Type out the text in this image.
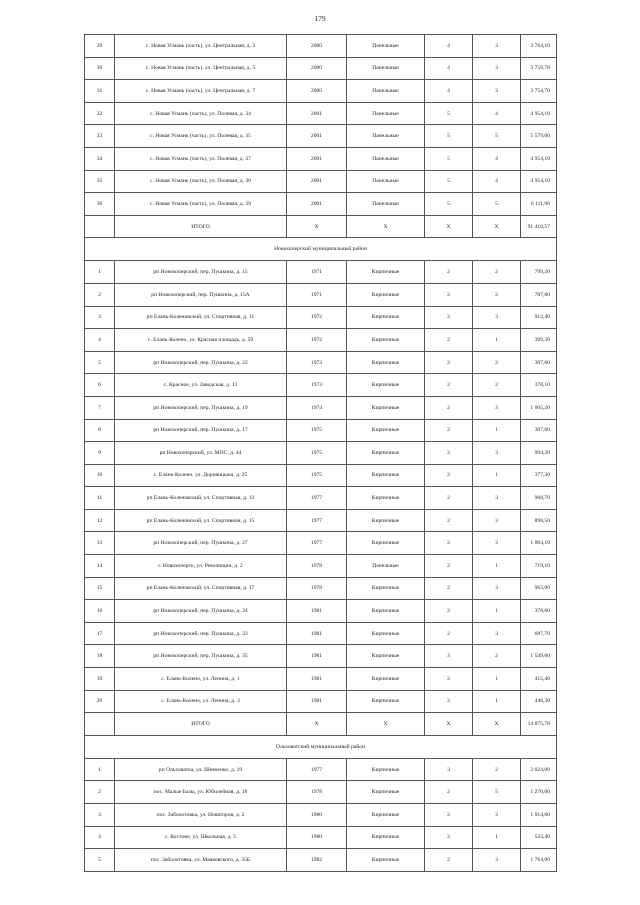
179
29	с. Новая Усмань (часть), ул. Центральная, д. 3	2000	Панельные	4	3	3 764,10
30	с. Новая Усмань (часть), ул. Центральная, д. 5	2000	Панельные	4	3	3 759,70
31	с. Новая Усмань (часть), ул. Центральная, д. 7	2000	Панельные	4	3	3 754,70
32	с. Новая Усмань (часть), ул. Полевая, д. 34	2001	Панельные	5	4	4 954,10
33	с. Новая Усмань (часть), ул. Полевая, д. 35	2001	Панельные	5	5	5 579,00
34	с. Новая Усмань (часть), ул. Полевая, д. 37	2001	Панельные	5	4	4 954,10
35	с. Новая Усмань (часть), ул. Полевая, д. 38	2001	Панельные	5	4	4 954,10
36	с. Новая Усмань (часть), ул. Полевая, д. 39	2001	Панельные	5	5	6 111,90
	ИТОГО	X	X	X	X	91 410,57
Новохоперский муниципальный район						
1	рп Новохоперский, пер. Пушкина, д. 15	1971	Кирпичные	2	2	799,20
2	рп Новохоперский, пер. Пушкина, д. 15А	1971	Кирпичные	2	2	787,80
3	рп Елань-Коленовский, ул. Спортивная, д. 11	1972	Кирпичные	2	3	912,40
4	с. Елань-Колено, ул. Красная площадь, д. 59	1972	Кирпичные	2	1	399,30
5	рп Новохоперский, пер. Пушкина, д. 22	1973	Кирпичные	2	2	397,60
6	с. Красное, ул. Заводская, д. 13	1973	Кирпичные	2	2	378,10
7	рп Новохоперский, пер. Пушкина, д. 19	1974	Кирпичные	2	3	1 005,20
8	рп Новохоперский, пер. Пушкина, д. 17	1975	Кирпичные	2	1	397,60
9	рп Новохоперский, ул. МПС, д. 44	1975	Кирпичные	2	3	994,20
10	с. Елань-Колено, ул. Доровицына, д. 25	1975	Кирпичные	2	1	377,30
11	рп Елань-Коленовский, ул. Спортивная, д. 13	1977	Кирпичные	2	3	968,70
12	рп Елань-Коленовский, ул. Спортивная, д. 15	1977	Кирпичные	2	3	898,50
13	рп Новохоперский, пер. Пушкина, д. 27	1977	Кирпичные	2	3	1 004,10
14	г. Новохоперск, ул. Революции, д. 2	1978	Панельные	2	1	719,10
15	рп Елань-Коленовский, ул. Спортивная, д. 17	1978	Кирпичные	2	3	963,00
16	рп Новохоперский, пер. Пушкина, д. 24	1981	Кирпичные	2	1	378,60
17	рп Новохоперский, пер. Пушкина, д. 33	1981	Кирпичные	2	3	687,70
18	рп Новохоперский, пер. Пушкина, д. 35	1981	Кирпичные	3	2	1 549,60
19	с. Елань-Колено, ул. Ленина, д. 1	1981	Кирпичные	2	1	415,40
20	с. Елань-Колено, ул. Ленина, д. 3	1981	Кирпичные	2	1	448,30
	ИТОГО	X	X	X	X	14 875,70
Ольховатский муниципальный район						
1	рп Ольховатка, ул. Шевченко, д. 19	1977	Кирпичные	3	2	2 024,00
2	пос. Малые Базы, ул. Юбилейная, д. 18	1978	Кирпичные	2	5	1 270,00
3	пос. Заболотовка, ул. Новаторов, д. 2	1980	Кирпичные	2	3	1 914,60
4	с. Костово, ул. Школьная, д. 5	1980	Кирпичные	2	1	533,40
5	пос. Заболотовка, ул. Маяковского, д. 35Б	1982	Кирпичные	2	3	1 764,00
